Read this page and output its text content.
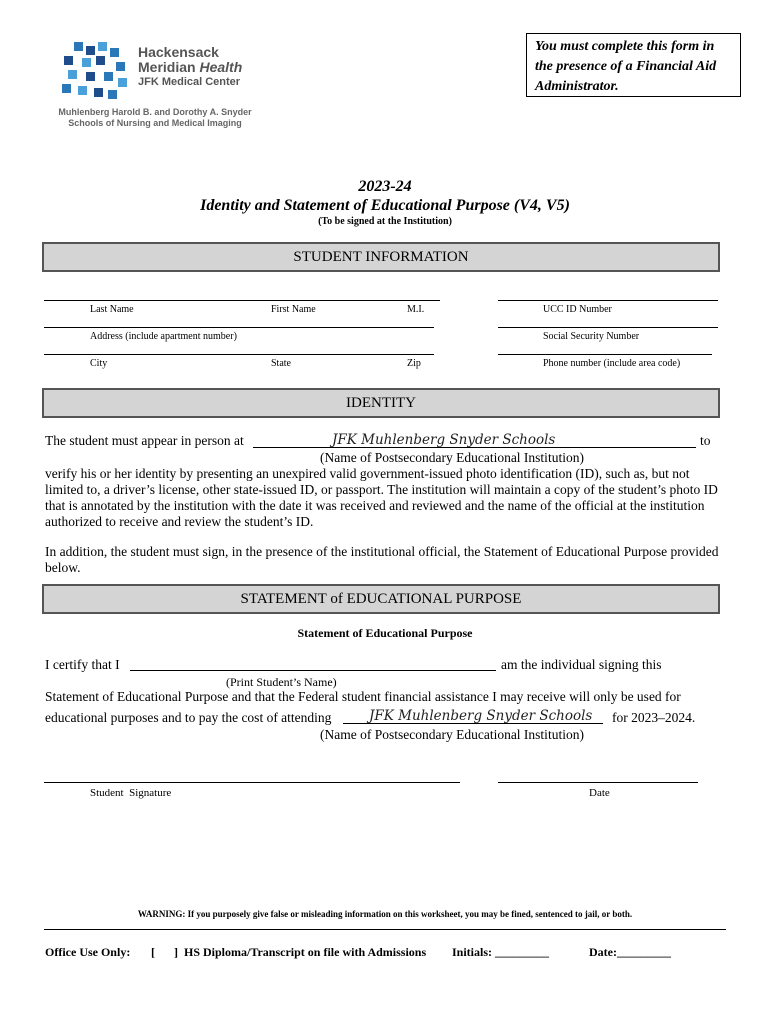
Hackensack
Meridian Health
JFK Medical Center
Muhlenberg Harold B. and Dorothy A. Snyder
Schools of Nursing and Medical Imaging
You must complete this form in the presence of a Financial Aid Administrator.
2023-24
Identity and Statement of Educational Purpose (V4, V5)
(To be signed at the Institution)
STUDENT INFORMATION
Last Name	First Name	M.I.	UCC ID Number
Address (include apartment number)	Social Security Number
City	State	Zip	Phone number (include area code)
IDENTITY
The student must appear in person at	JFK Muhlenberg Snyder Schools	to
(Name of Postsecondary Educational Institution)
verify his or her identity by presenting an unexpired valid government-issued photo identification (ID), such as, but not limited to, a driver’s license, other state-issued ID, or passport. The institution will maintain a copy of the student’s photo ID that is annotated by the institution with the date it was received and reviewed and the name of the official at the institution authorized to receive and review the student’s ID.
In addition, the student must sign, in the presence of the institutional official, the Statement of Educational Purpose provided below.
STATEMENT of EDUCATIONAL PURPOSE
Statement of Educational Purpose
I certify that I	am the individual signing this
(Print Student’s Name)
Statement of Educational Purpose and that the Federal student financial assistance I may receive will only be used for
educational purposes and to pay the cost of attending	JFK Muhlenberg Snyder Schools for 2023–2024.
(Name of Postsecondary Educational Institution)
Student  Signature	Date
WARNING: If you purposely give false or misleading information on this worksheet, you may be fined, sentenced to jail, or both.
Office Use Only: [ ]  HS Diploma/Transcript on file with Admissions Initials: _________	Date:_________
